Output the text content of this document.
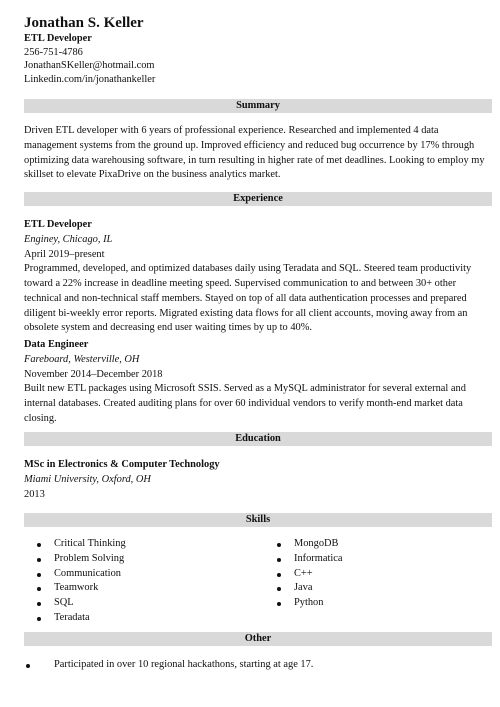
Jonathan S. Keller
ETL Developer
256-751-4786
JonathanSKeller@hotmail.com
Linkedin.com/in/jonathankeller
Summary
Driven ETL developer with 6 years of professional experience. Researched and implemented 4 data management systems from the ground up. Improved efficiency and reduced bug occurrence by 17% through optimizing data warehousing software, in turn resulting in higher rate of met deadlines. Looking to employ my skillset to elevate PixaDrive on the business analytics market.
Experience
ETL Developer
Enginey, Chicago, IL
April 2019–present
Programmed, developed, and optimized databases daily using Teradata and SQL. Steered team productivity toward a 22% increase in deadline meeting speed. Supervised communication to and between 30+ other technical and non-technical staff members. Stayed on top of all data authentication processes and prepared diligent bi-weekly error reports. Migrated existing data flows for all client accounts, moving away from an obsolete system and decreasing end user waiting times by up to 40%.
Data Engineer
Fareboard, Westerville, OH
November 2014–December 2018
Built new ETL packages using Microsoft SSIS. Served as a MySQL administrator for several external and internal databases. Created auditing plans for over 60 individual vendors to verify month-end market data closing.
Education
MSc in Electronics & Computer Technology
Miami University, Oxford, OH
2013
Skills
Critical Thinking
Problem Solving
Communication
Teamwork
SQL
Teradata
MongoDB
Informatica
C++
Java
Python
Other
Participated in over 10 regional hackathons, starting at age 17.
